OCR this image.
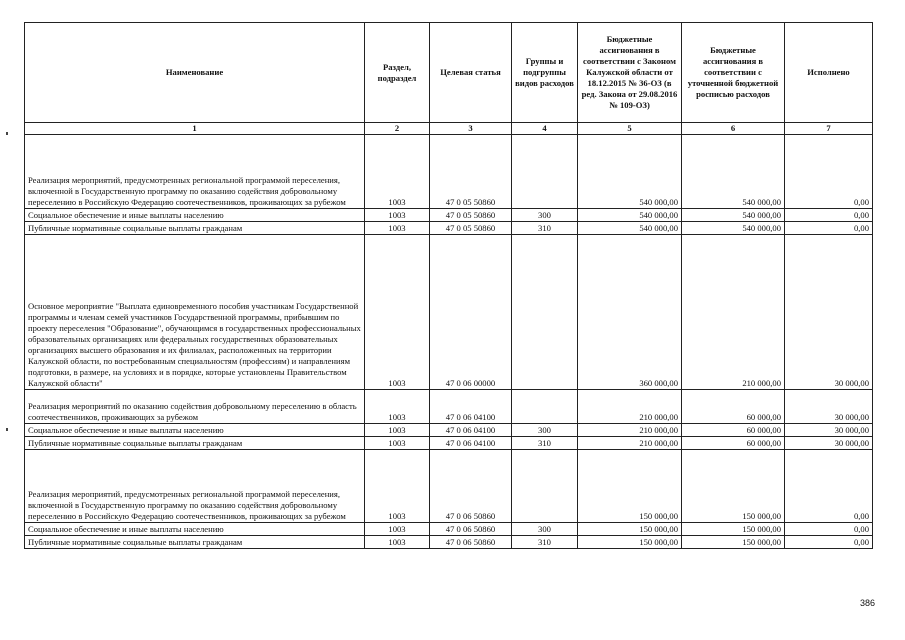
Наименование	Раздел, подраздел	Целевая статья	Группы и подгруппы видов расходов	Бюджетные ассигнования в соответствии с Законом Калужской области от 18.12.2015 № 36-ОЗ (в ред. Закона от 29.08.2016 № 109-ОЗ)	Бюджетные ассигнования в соответствии с уточненной бюджетной росписью расходов	Исполнено
1	2	3	4	5	6	7
Реализация мероприятий, предусмотренных региональной программой переселения, включенной в Государственную программу по оказанию содействия добровольному переселению в Российскую Федерацию соотечественников, проживающих за рубежом	1003	47 0 05 50860		540 000,00	540 000,00	0,00
Социальное обеспечение и иные выплаты населению	1003	47 0 05 50860	300	540 000,00	540 000,00	0,00
Публичные нормативные социальные выплаты гражданам	1003	47 0 05 50860	310	540 000,00	540 000,00	0,00
Основное мероприятие "Выплата единовременного пособия участникам Государственной программы и членам семей участников Государственной программы, прибывшим по проекту переселения "Образование", обучающимся в государственных профессиональных образовательных организациях или федеральных государственных образовательных организациях высшего образования и их филиалах, расположенных на территории Калужской области, по востребованным специальностям (профессиям) и направлениям подготовки, в размере, на условиях и в порядке, которые установлены Правительством Калужской области"	1003	47 0 06 00000		360 000,00	210 000,00	30 000,00
Реализация мероприятий по оказанию содействия добровольному переселению в область соотечественников, проживающих за рубежом	1003	47 0 06 04100		210 000,00	60 000,00	30 000,00
Социальное обеспечение и иные выплаты населению	1003	47 0 06 04100	300	210 000,00	60 000,00	30 000,00
Публичные нормативные социальные выплаты гражданам	1003	47 0 06 04100	310	210 000,00	60 000,00	30 000,00
Реализация мероприятий, предусмотренных региональной программой переселения, включенной в Государственную программу по оказанию содействия добровольному переселению в Российскую Федерацию соотечественников, проживающих за рубежом	1003	47 0 06 50860		150 000,00	150 000,00	0,00
Социальное обеспечение и иные выплаты населению	1003	47 0 06 50860	300	150 000,00	150 000,00	0,00
Публичные нормативные социальные выплаты гражданам	1003	47 0 06 50860	310	150 000,00	150 000,00	0,00
386
